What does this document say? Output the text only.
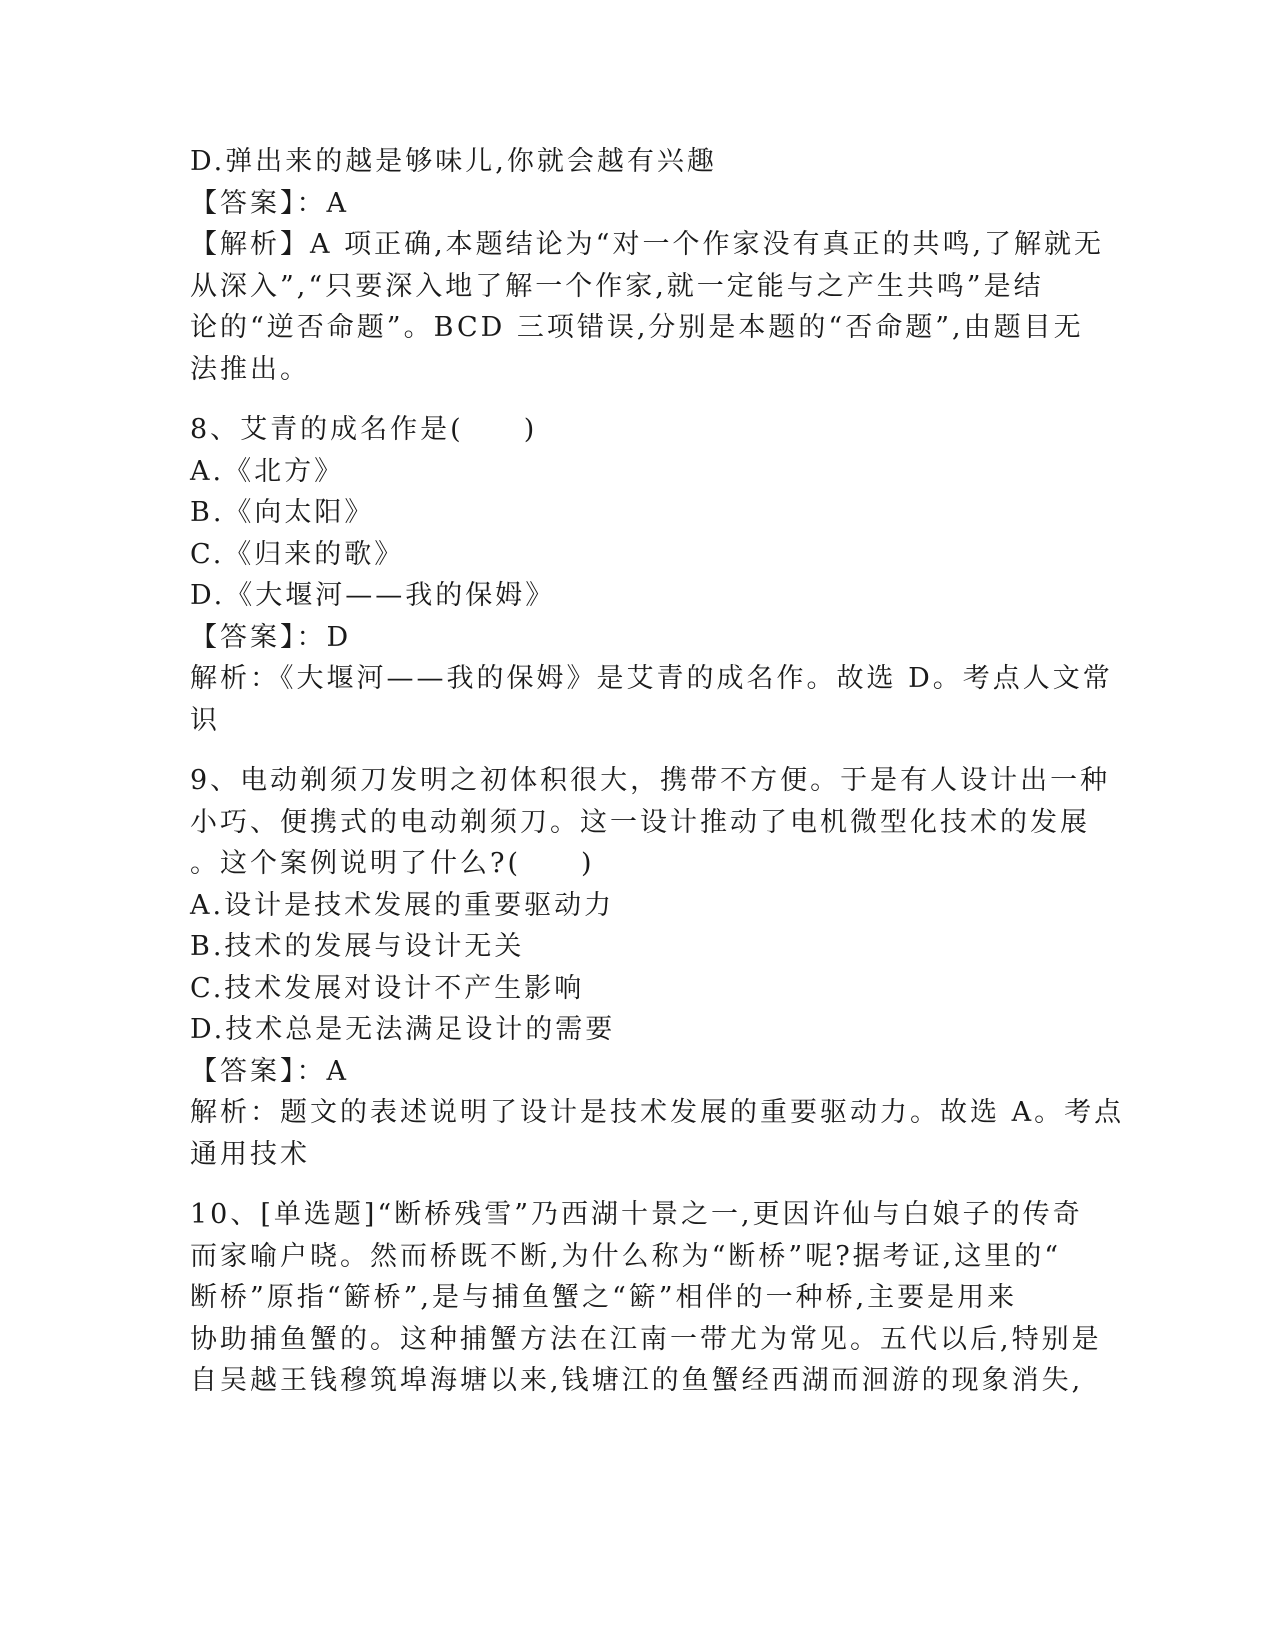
D.弹出来的越是够味儿,你就会越有兴趣
【答案】：A
【解析】A 项正确,本题结论为“对一个作家没有真正的共鸣,了解就无
从深入”,“只要深入地了解一个作家,就一定能与之产生共鸣”是结
论的“逆否命题”。BCD 三项错误,分别是本题的“否命题”,由题目无
法推出。
8、艾青的成名作是(　　)
A.《北方》
B.《向太阳》
C.《归来的歌》
D.《大堰河——我的保姆》
【答案】：D
解析：《大堰河——我的保姆》是艾青的成名作。故选 D。考点人文常
识
9、电动剃须刀发明之初体积很大，携带不方便。于是有人设计出一种
小巧、便携式的电动剃须刀。这一设计推动了电机微型化技术的发展
。这个案例说明了什么?(　　)
A.设计是技术发展的重要驱动力
B.技术的发展与设计无关
C.技术发展对设计不产生影响
D.技术总是无法满足设计的需要
【答案】：A
解析：题文的表述说明了设计是技术发展的重要驱动力。故选 A。考点
通用技术
10、[单选题]“断桥残雪”乃西湖十景之一,更因许仙与白娘子的传奇
而家喻户晓。然而桥既不断,为什么称为“断桥”呢?据考证,这里的“
断桥”原指“簖桥”,是与捕鱼蟹之“簖”相伴的一种桥,主要是用来
协助捕鱼蟹的。这种捕蟹方法在江南一带尤为常见。五代以后,特别是
自吴越王钱穆筑埠海塘以来,钱塘江的鱼蟹经西湖而洄游的现象消失,
